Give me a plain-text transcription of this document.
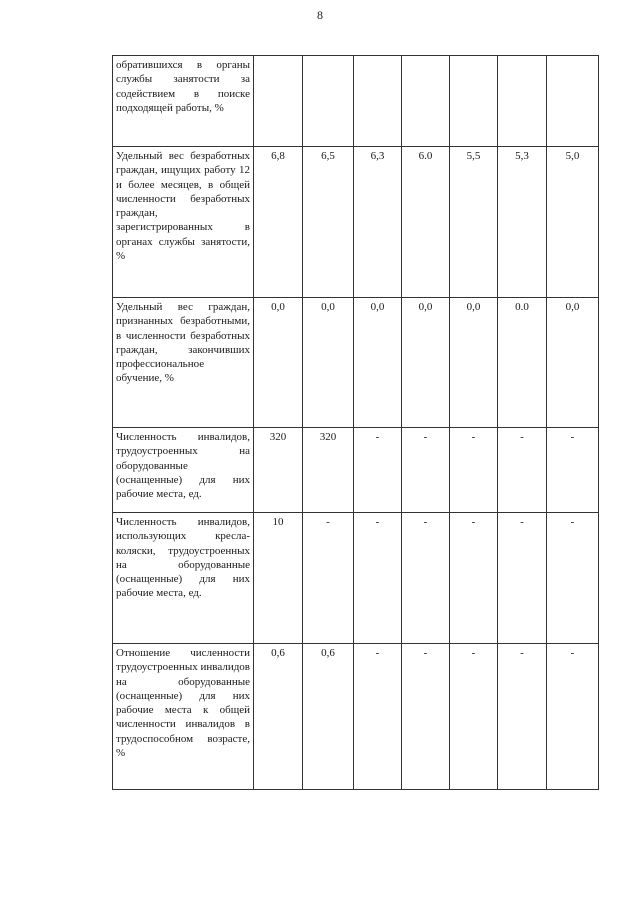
8
обратившихся в органы службы занятости за содействием в поиске подходящей работы, %							
Удельный вес безработных граждан, ищущих работу 12 и более месяцев, в общей численности безработных граждан, зарегистрированных в органах службы занятости, %	6,8	6,5	6,3	6.0	5,5	5,3	5,0
Удельный вес граждан, признанных безработными, в численности безработных граждан, закончивших профессиональное обучение, %	0,0	0,0	0,0	0,0	0,0	0.0	0,0
Численность инвалидов, трудоустроенных на оборудованные (оснащенные) для них рабочие места, ед.	320	320	-	-	-	-	-
Численность инвалидов, использующих кресла-коляски, трудоустроенных на оборудованные (оснащенные) для них рабочие места, ед.	10	-	-	-	-	-	-
Отношение численности трудоустроенных инвалидов на оборудованные (оснащенные) для них рабочие места к общей численности инвалидов в трудоспособном возрасте, %	0,6	0,6	-	-	-	-	-
